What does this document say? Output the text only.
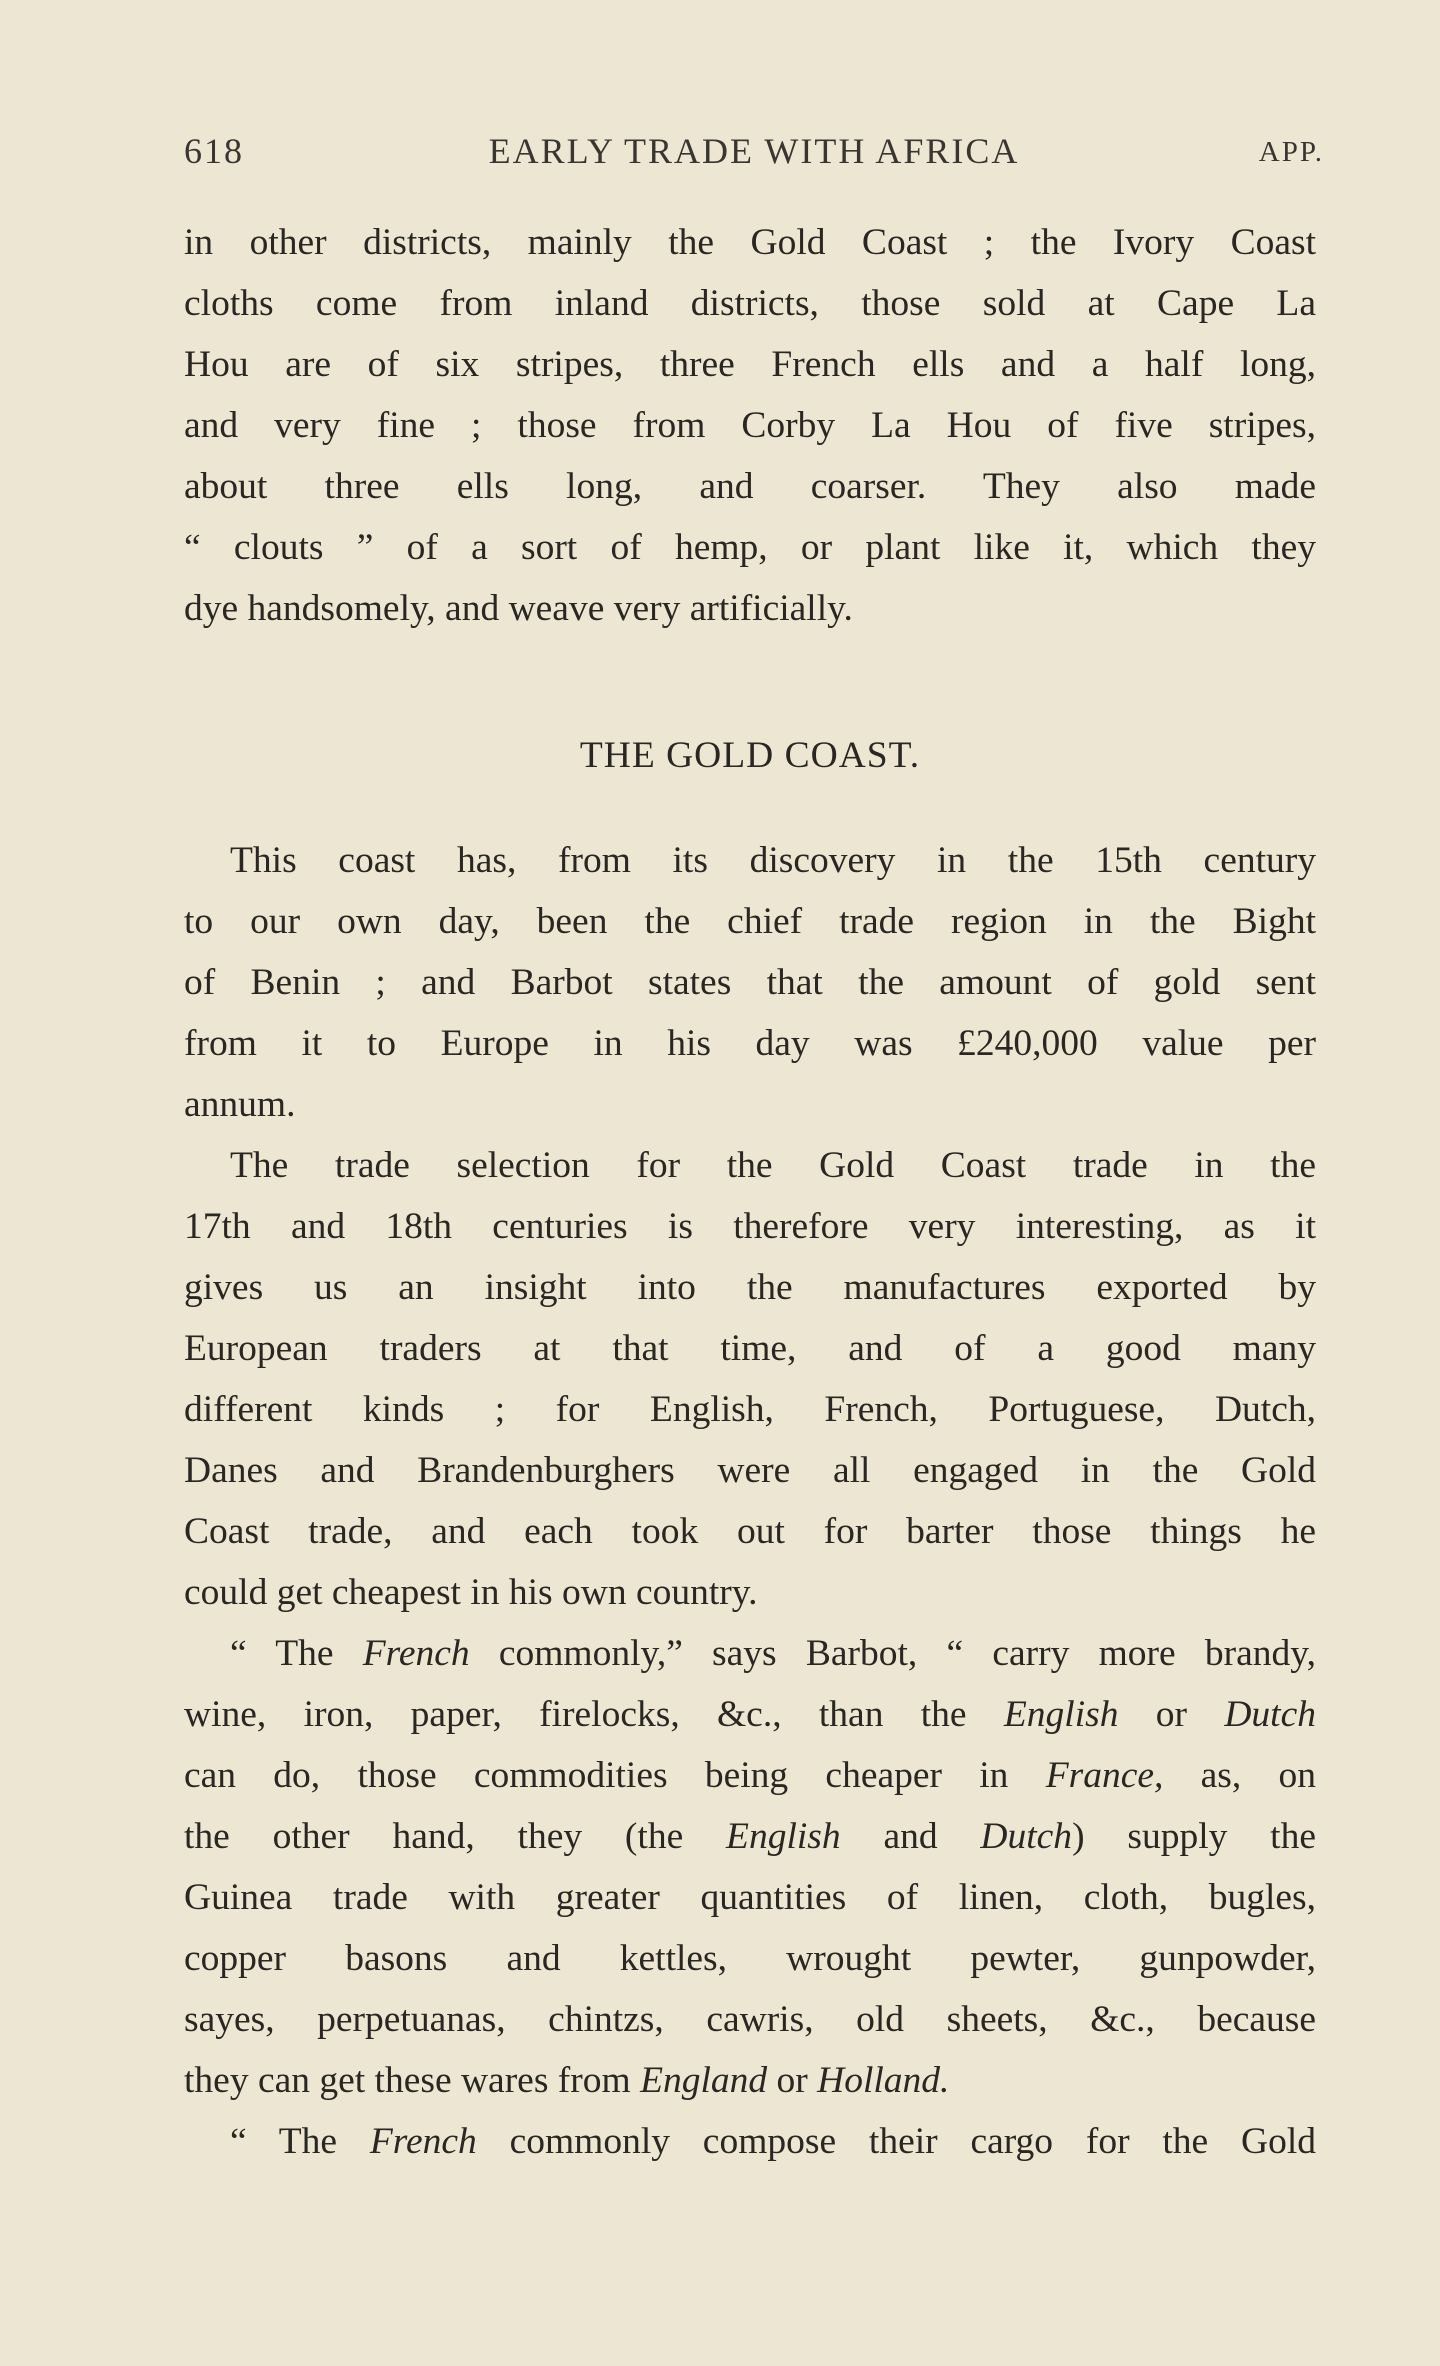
618	EARLY TRADE WITH AFRICA	APP.
in other districts, mainly the Gold Coast ; the Ivory Coast
cloths come from inland districts, those sold at Cape La
Hou are of six stripes, three French ells and a half long,
and very fine ; those from Corby La Hou of five stripes,
about three ells long, and coarser. They also made
“ clouts ” of a sort of hemp, or plant like it, which they
dye handsomely, and weave very artificially.
THE GOLD COAST.
This coast has, from its discovery in the 15th century
to our own day, been the chief trade region in the Bight
of Benin ; and Barbot states that the amount of gold sent
from it to Europe in his day was £240,000 value per
annum.
The trade selection for the Gold Coast trade in the
17th and 18th centuries is therefore very interesting, as it
gives us an insight into the manufactures exported by
European traders at that time, and of a good many
different kinds ; for English, French, Portuguese, Dutch,
Danes and Brandenburghers were all engaged in the Gold
Coast trade, and each took out for barter those things he
could get cheapest in his own country.
“ The French commonly,” says Barbot, “ carry more brandy,
wine, iron, paper, firelocks, &c., than the English or Dutch
can do, those commodities being cheaper in France, as, on
the other hand, they (the English and Dutch) supply the
Guinea trade with greater quantities of linen, cloth, bugles,
copper basons and kettles, wrought pewter, gunpowder,
sayes, perpetuanas, chintzs, cawris, old sheets, &c., because
they can get these wares from England or Holland.
“ The French commonly compose their cargo for the Gold
